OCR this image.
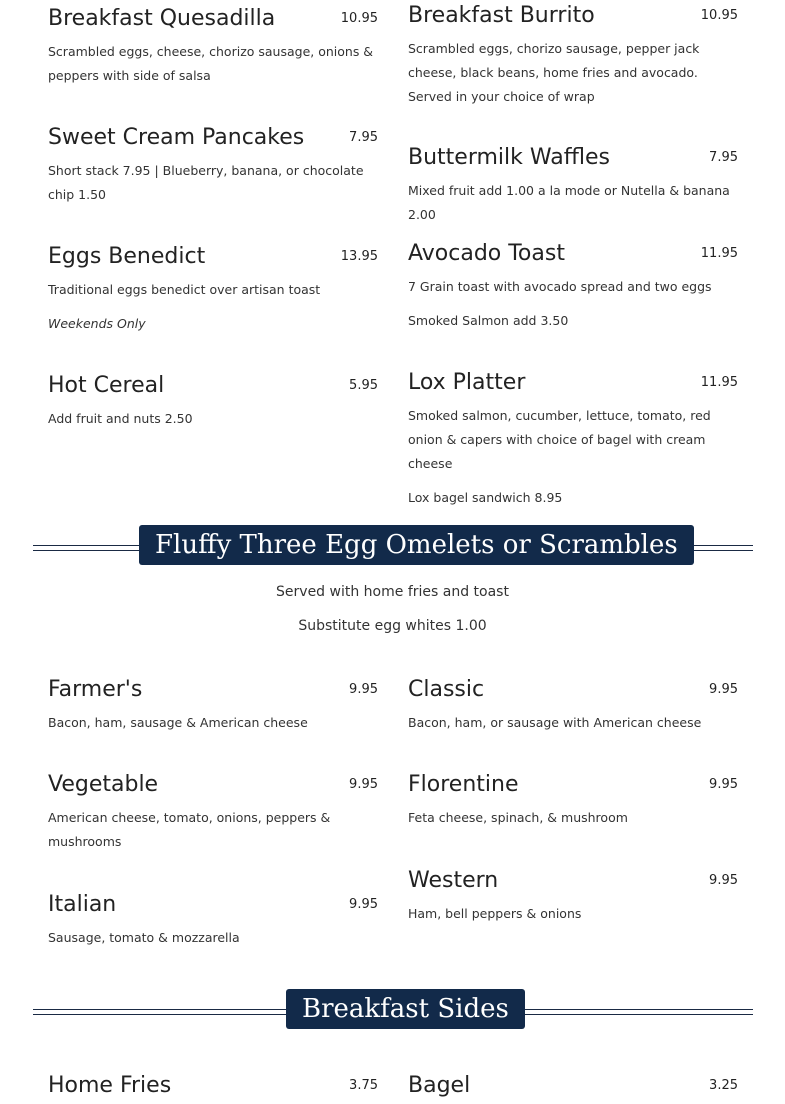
Breakfast Quesadilla	10.95
Scrambled eggs, cheese, chorizo sausage, onions & peppers with side of salsa
Sweet Cream Pancakes	7.95
Short stack 7.95 | Blueberry, banana, or chocolate chip 1.50
Eggs Benedict	13.95
Traditional eggs benedict over artisan toast
Weekends Only
Hot Cereal	5.95
Add fruit and nuts 2.50
Breakfast Burrito	10.95
Scrambled eggs, chorizo sausage, pepper jack cheese, black beans, home fries and avocado. Served in your choice of wrap
Buttermilk Waffles	7.95
Mixed fruit add 1.00 a la mode or Nutella & banana 2.00
Avocado Toast	11.95
7 Grain toast with avocado spread and two eggs
Smoked Salmon add 3.50
Lox Platter	11.95
Smoked salmon, cucumber, lettuce, tomato, red onion & capers with choice of bagel with cream cheese
Lox bagel sandwich 8.95
Fluffy Three Egg Omelets or Scrambles
Served with home fries and toast
Substitute egg whites 1.00
Farmer's	9.95
Bacon, ham, sausage & American cheese
Vegetable	9.95
American cheese, tomato, onions, peppers & mushrooms
Italian	9.95
Sausage, tomato & mozzarella
Classic	9.95
Bacon, ham, or sausage with American cheese
Florentine	9.95
Feta cheese, spinach, & mushroom
Western	9.95
Ham, bell peppers & onions
Breakfast Sides
Home Fries	3.75 Bagel	3.25
